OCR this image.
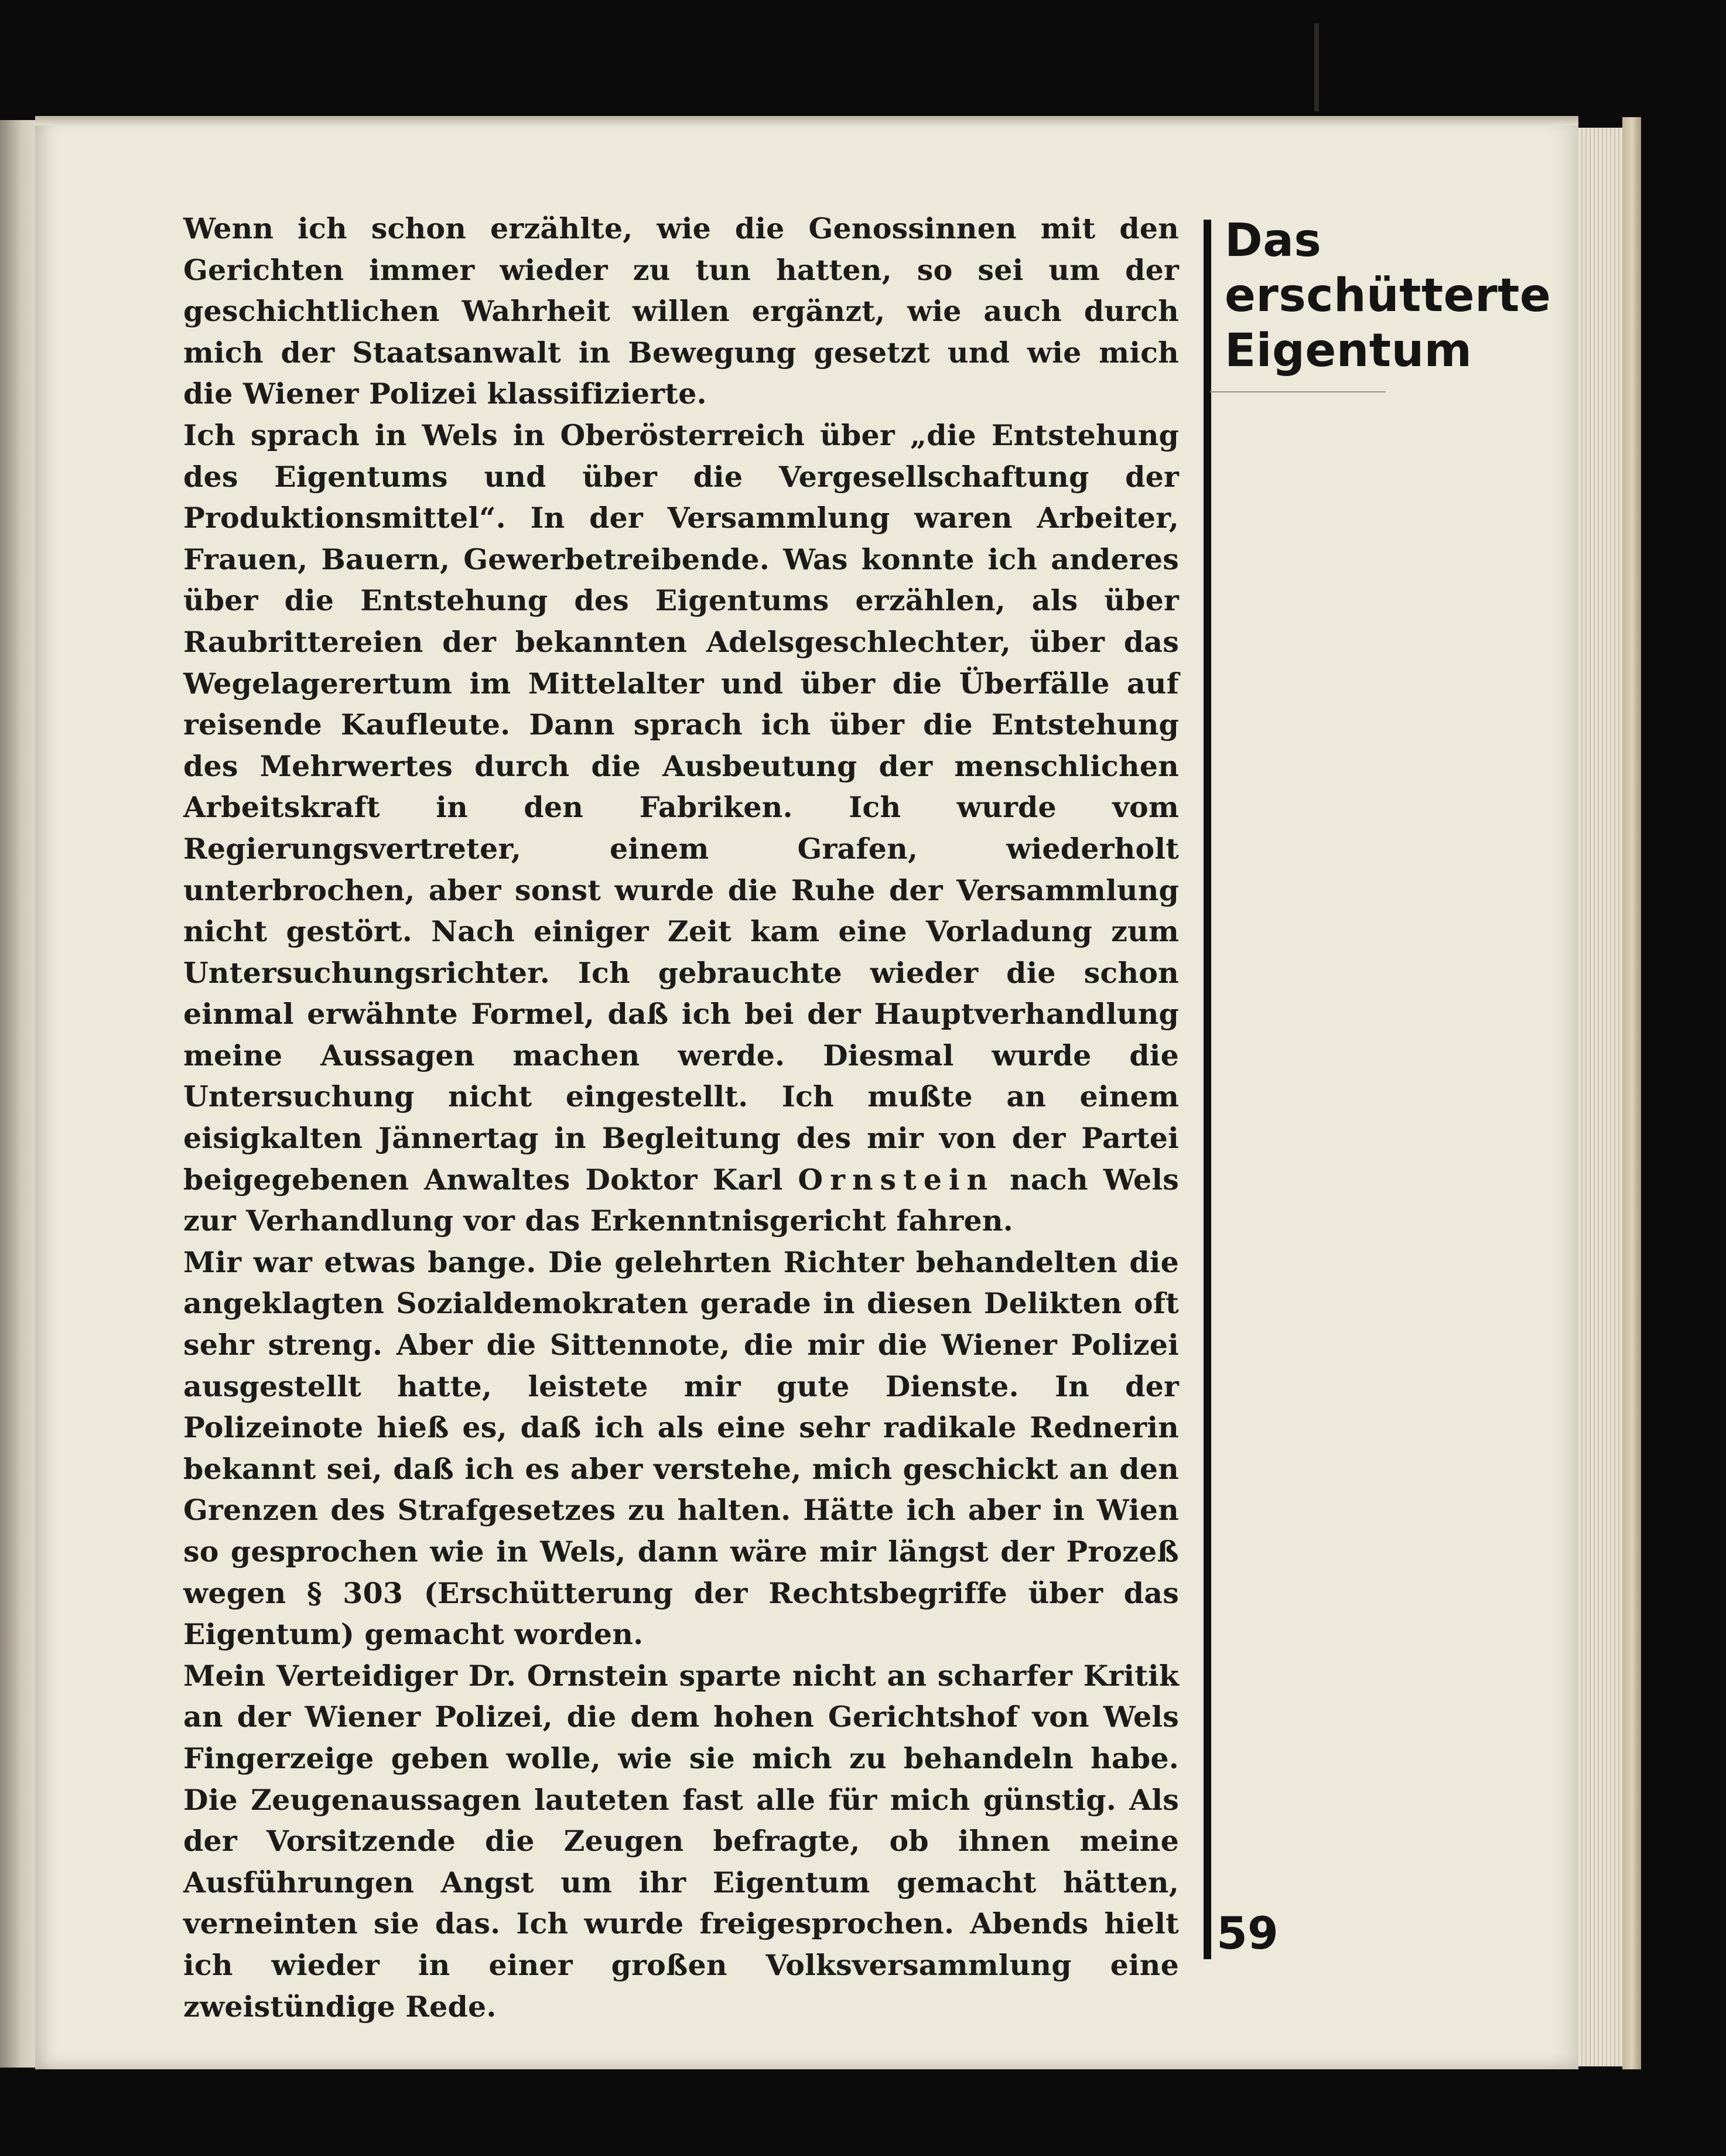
Wenn ich schon erzählte, wie die Genossinnen mit den Gerichten immer wieder zu tun hatten, so sei um der geschichtlichen Wahrheit willen ergänzt, wie auch durch mich der Staatsanwalt in Bewegung gesetzt und wie mich die Wiener Polizei klassifizierte.

Ich sprach in Wels in Oberösterreich über „die Entstehung des Eigentums und über die Vergesellschaftung der Produktionsmittel“. In der Versammlung waren Arbeiter, Frauen, Bauern, Gewerbetreibende. Was konnte ich anderes über die Entstehung des Eigentums erzählen, als über Raubrittereien der bekannten Adelsgeschlechter, über das Wegelagerertum im Mittelalter und über die Überfälle auf reisende Kaufleute. Dann sprach ich über die Entstehung des Mehrwertes durch die Ausbeutung der menschlichen Arbeitskraft in den Fabriken. Ich wurde vom Regierungsvertreter, einem Grafen, wiederholt unterbrochen, aber sonst wurde die Ruhe der Versammlung nicht gestört. Nach einiger Zeit kam eine Vorladung zum Untersuchungsrichter. Ich gebrauchte wieder die schon einmal erwähnte Formel, daß ich bei der Hauptverhandlung meine Aussagen machen werde. Diesmal wurde die Untersuchung nicht eingestellt. Ich mußte an einem eisigkalten Jännertag in Begleitung des mir von der Partei beigegebenen Anwaltes Doktor Karl Ornstein nach Wels zur Verhandlung vor das Erkenntnisgericht fahren.

Mir war etwas bange. Die gelehrten Richter behandelten die angeklagten Sozialdemokraten gerade in diesen Delikten oft sehr streng. Aber die Sittennote, die mir die Wiener Polizei ausgestellt hatte, leistete mir gute Dienste. In der Polizeinote hieß es, daß ich als eine sehr radikale Rednerin bekannt sei, daß ich es aber verstehe, mich geschickt an den Grenzen des Strafgesetzes zu halten. Hätte ich aber in Wien so gesprochen wie in Wels, dann wäre mir längst der Prozeß wegen § 303 (Erschütterung der Rechtsbegriffe über das Eigentum) gemacht worden.

Mein Verteidiger Dr. Ornstein sparte nicht an scharfer Kritik an der Wiener Polizei, die dem hohen Gerichtshof von Wels Fingerzeige geben wolle, wie sie mich zu behandeln habe. Die Zeugenaussagen lauteten fast alle für mich günstig. Als der Vorsitzende die Zeugen befragte, ob ihnen meine Ausführungen Angst um ihr Eigentum gemacht hätten, verneinten sie das. Ich wurde freigesprochen. Abends hielt ich wieder in einer großen Volksversammlung eine zweistündige Rede.

Das
erschütterte
Eigentum
59
